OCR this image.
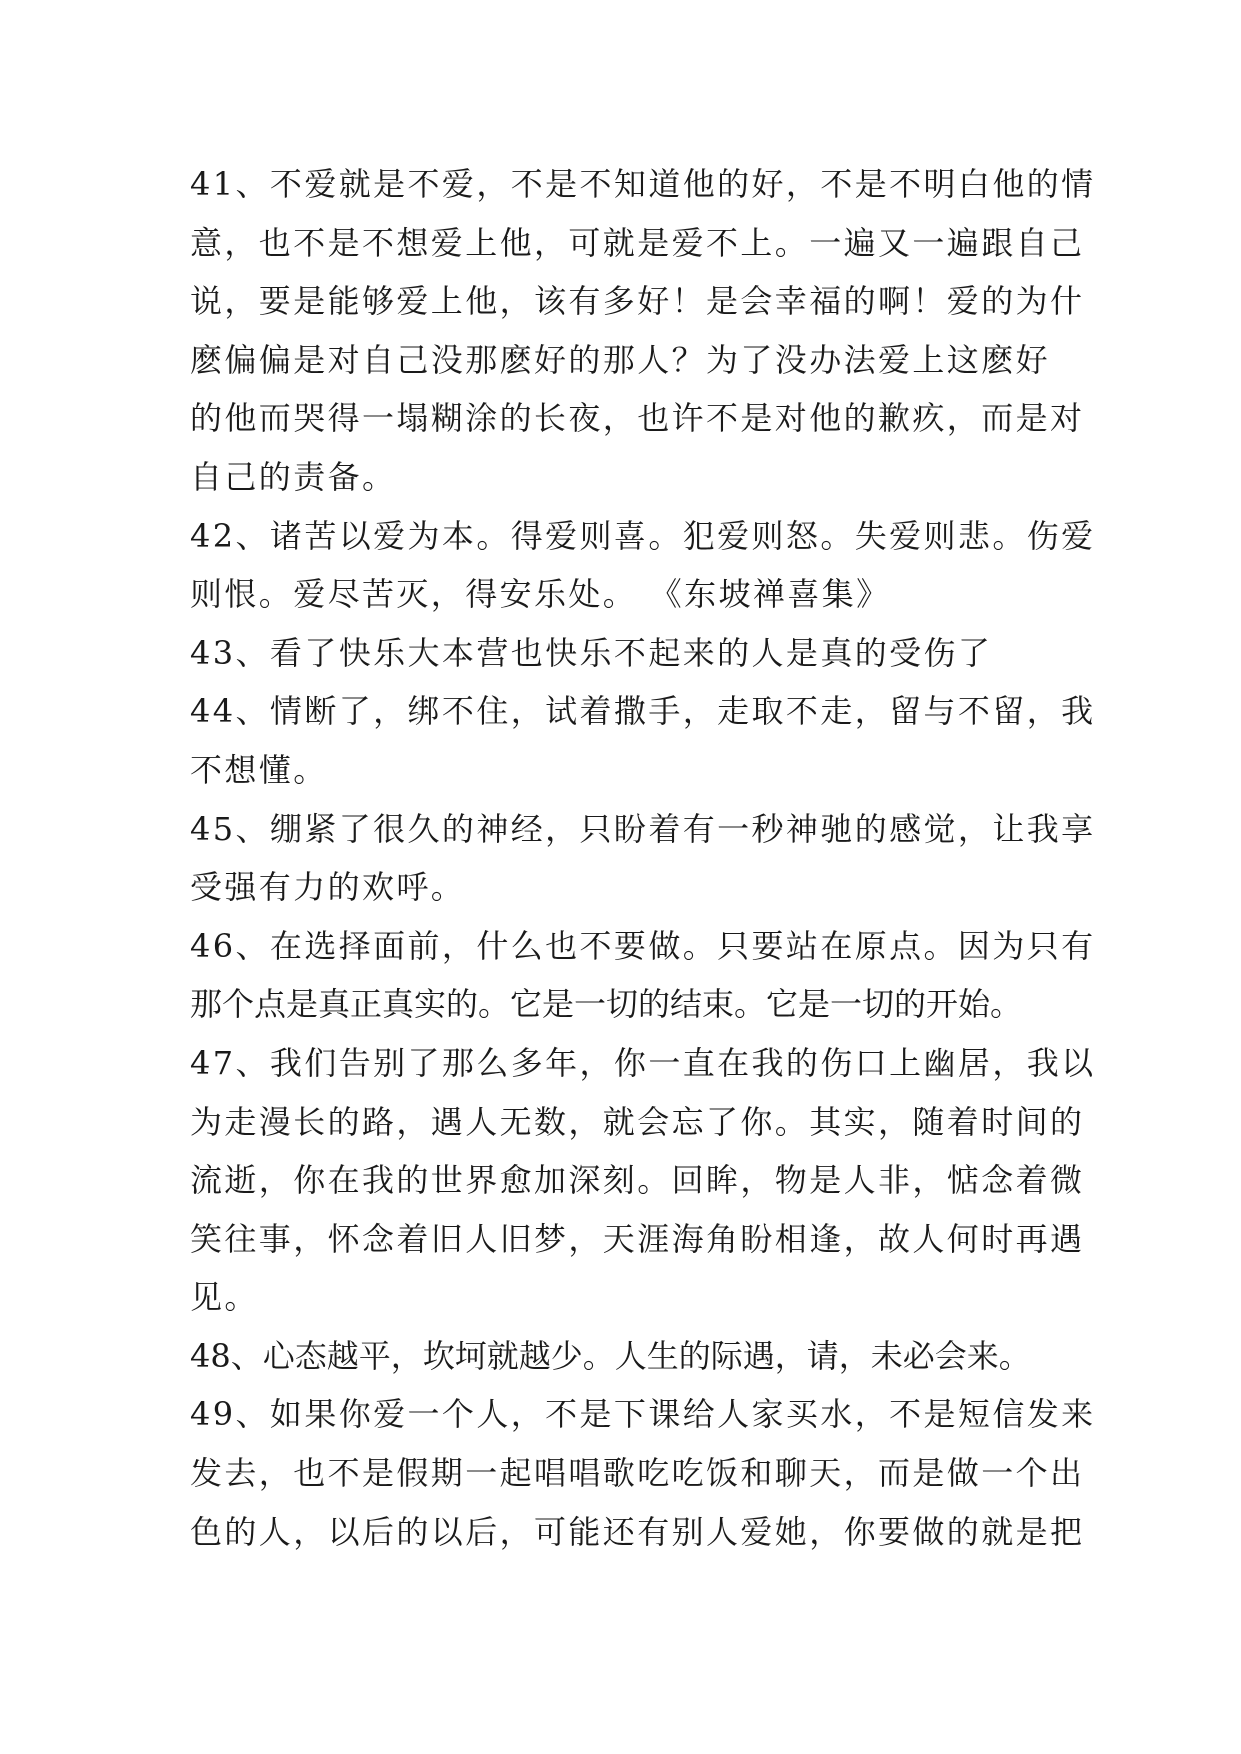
41、不爱就是不爱，不是不知道他的好，不是不明白他的情
意，也不是不想爱上他，可就是爱不上。一遍又一遍跟自己
说，要是能够爱上他，该有多好！是会幸福的啊！爱的为什
麽偏偏是对自己没那麽好的那人？为了没办法爱上这麽好
的他而哭得一塌糊涂的长夜，也许不是对他的歉疚，而是对
自己的责备。
42、诸苦以爱为本。得爱则喜。犯爱则怒。失爱则悲。伤爱
则恨。爱尽苦灭，得安乐处。 《东坡禅喜集》
43、看了快乐大本营也快乐不起来的人是真的受伤了
44、情断了，绑不住，试着撒手，走取不走，留与不留，我
不想懂。
45、绷紧了很久的神经，只盼着有一秒神驰的感觉，让我享
受强有力的欢呼。
46、在选择面前，什么也不要做。只要站在原点。因为只有
那个点是真正真实的。它是一切的结束。它是一切的开始。
47、我们告别了那么多年，你一直在我的伤口上幽居，我以
为走漫长的路，遇人无数，就会忘了你。其实，随着时间的
流逝，你在我的世界愈加深刻。回眸，物是人非，惦念着微
笑往事，怀念着旧人旧梦，天涯海角盼相逢，故人何时再遇
见。
48、心态越平，坎坷就越少。人生的际遇，请，未必会来。
49、如果你爱一个人，不是下课给人家买水，不是短信发来
发去，也不是假期一起唱唱歌吃吃饭和聊天，而是做一个出
色的人，以后的以后，可能还有别人爱她，你要做的就是把
